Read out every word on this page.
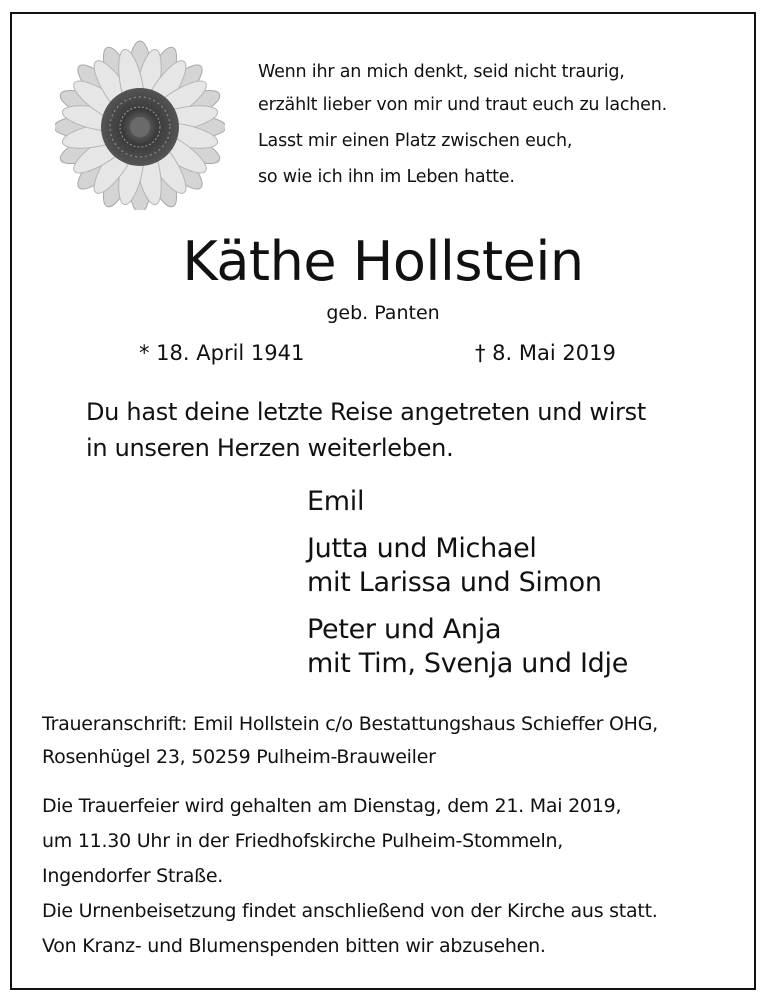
Wenn ihr an mich denkt, seid nicht traurig,
erzählt lieber von mir und traut euch zu lachen.
Lasst mir einen Platz zwischen euch,
so wie ich ihn im Leben hatte.
Käthe Hollstein
geb. Panten
* 18. April 1941	† 8. Mai 2019
Du hast deine letzte Reise angetreten und wirst
in unseren Herzen weiterleben.
Emil
Jutta und Michael
mit Larissa und Simon
Peter und Anja
mit Tim, Svenja und Idje
Traueranschrift: Emil Hollstein c/o Bestattungshaus Schieffer OHG,
Rosenhügel 23, 50259 Pulheim-Brauweiler
Die Trauerfeier wird gehalten am Dienstag, dem 21. Mai 2019,
um 11.30 Uhr in der Friedhofskirche Pulheim-Stommeln,
Ingendorfer Straße.
Die Urnenbeisetzung findet anschließend von der Kirche aus statt.
Von Kranz- und Blumenspenden bitten wir abzusehen.
